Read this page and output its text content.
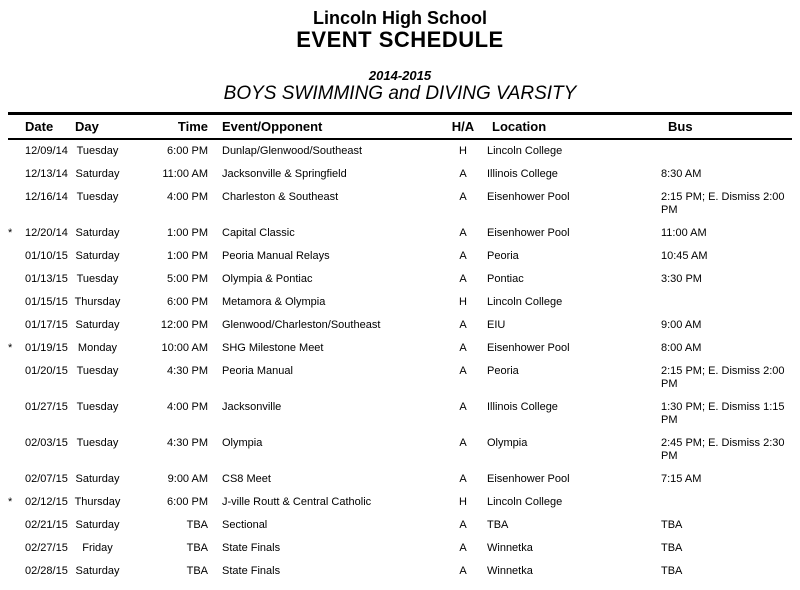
Lincoln High School
EVENT SCHEDULE
2014-2015
BOYS SWIMMING and DIVING VARSITY
	Date	Day	Time	Event/Opponent	H/A	Location	Bus
	12/09/14	Tuesday	6:00 PM	Dunlap/Glenwood/Southeast	H	Lincoln College	
	12/13/14	Saturday	11:00 AM	Jacksonville & Springfield	A	Illinois College	8:30 AM
	12/16/14	Tuesday	4:00 PM	Charleston & Southeast	A	Eisenhower Pool	2:15 PM; E. Dismiss 2:00 PM
*	12/20/14	Saturday	1:00 PM	Capital Classic	A	Eisenhower Pool	11:00 AM
	01/10/15	Saturday	1:00 PM	Peoria Manual Relays	A	Peoria	10:45 AM
	01/13/15	Tuesday	5:00 PM	Olympia & Pontiac	A	Pontiac	3:30 PM
	01/15/15	Thursday	6:00 PM	Metamora & Olympia	H	Lincoln College	
	01/17/15	Saturday	12:00 PM	Glenwood/Charleston/Southeast	A	EIU	9:00 AM
*	01/19/15	Monday	10:00 AM	SHG Milestone Meet	A	Eisenhower Pool	8:00 AM
	01/20/15	Tuesday	4:30 PM	Peoria Manual	A	Peoria	2:15 PM; E. Dismiss 2:00 PM
	01/27/15	Tuesday	4:00 PM	Jacksonville	A	Illinois College	1:30 PM; E. Dismiss 1:15 PM
	02/03/15	Tuesday	4:30 PM	Olympia	A	Olympia	2:45 PM; E. Dismiss 2:30 PM
	02/07/15	Saturday	9:00 AM	CS8 Meet	A	Eisenhower Pool	7:15 AM
*	02/12/15	Thursday	6:00 PM	J-ville Routt & Central Catholic	H	Lincoln College	
	02/21/15	Saturday	TBA	Sectional	A	TBA	TBA
	02/27/15	Friday	TBA	State Finals	A	Winnetka	TBA
	02/28/15	Saturday	TBA	State Finals	A	Winnetka	TBA
